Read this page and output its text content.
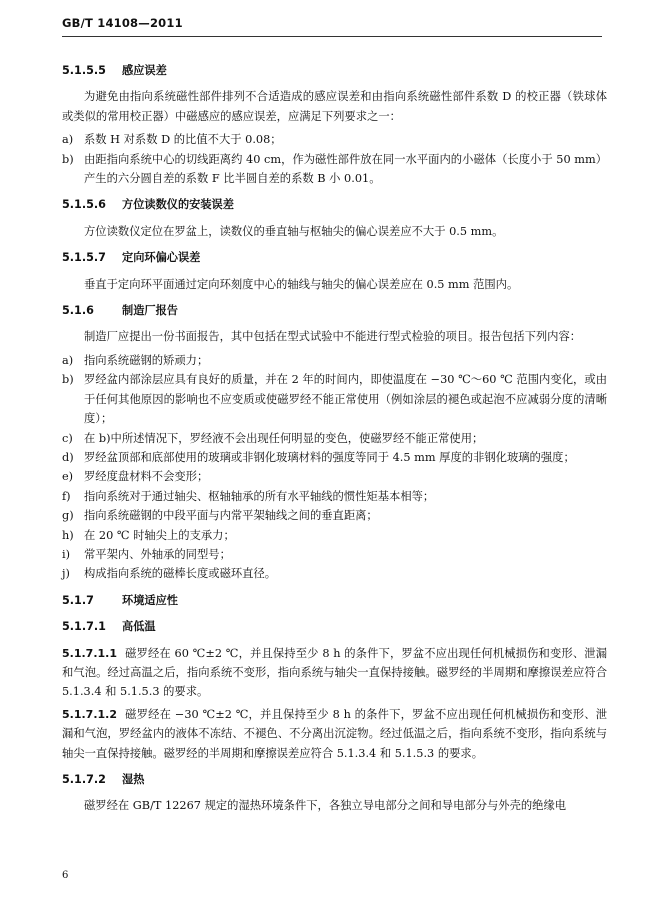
GB/T 14108—2011
5.1.5.5 感应误差

为避免由指向系统磁性部件排列不合适造成的感应误差和由指向系统磁性部件系数 D 的校正器（铁球体或类似的常用校正器）中磁感应的感应误差，应满足下列要求之一：

a) 系数 H 对系数 D 的比值不大于 0.08；
b) 由距指向系统中心的切线距离约 40 cm，作为磁性部件放在同一水平面内的小磁体（长度小于 50 mm）产生的六分圆自差的系数 F 比半圆自差的系数 B 小 0.01。
5.1.5.6 方位读数仪的安装误差

方位读数仪定位在罗盆上，读数仪的垂直轴与枢轴尖的偏心误差应不大于 0.5 mm。

5.1.5.7 定向环偏心误差

垂直于定向环平面通过定向环刻度中心的轴线与轴尖的偏心误差应在 0.5 mm 范围内。

5.1.6	制造厂报告

制造厂应提出一份书面报告，其中包括在型式试验中不能进行型式检验的项目。报告包括下列内容：

a) 指向系统磁钢的矫顽力；
b) 罗经盆内部涂层应具有良好的质量，并在 2 年的时间内，即使温度在 −30 ℃～60 ℃ 范围内变化，或由于任何其他原因的影响也不应变质或使磁罗经不能正常使用（例如涂层的褪色或起泡不应减弱分度的清晰度）；
c) 在 b)中所述情况下，罗经液不会出现任何明显的变色，使磁罗经不能正常使用；
d) 罗经盆顶部和底部使用的玻璃或非钢化玻璃材料的强度等同于 4.5 mm 厚度的非钢化玻璃的强度；
e) 罗经度盘材料不会变形；
f)	指向系统对于通过轴尖、枢轴轴承的所有水平轴线的惯性矩基本相等；
g) 指向系统磁钢的中段平面与内常平架轴线之间的垂直距离；
h) 在 20 ℃ 时轴尖上的支承力；
i)	常平架内、外轴承的同型号；
j)	构成指向系统的磁棒长度或磁环直径。
5.1.7	环境适应性
5.1.7.1 高低温
5.1.7.1.1 磁罗经在 60 ℃±2 ℃，并且保持至少 8 h 的条件下，罗盆不应出现任何机械损伤和变形、泄漏和气泡。经过高温之后，指向系统不变形，指向系统与轴尖一直保持接触。磁罗经的半周期和摩擦误差应符合 5.1.3.4 和 5.1.5.3 的要求。
5.1.7.1.2 磁罗经在 −30 ℃±2 ℃，并且保持至少 8 h 的条件下，罗盆不应出现任何机械损伤和变形、泄漏和气泡，罗经盆内的液体不冻结、不褪色、不分离出沉淀物。经过低温之后，指向系统不变形，指向系统与轴尖一直保持接触。磁罗经的半周期和摩擦误差应符合 5.1.3.4 和 5.1.5.3 的要求。
5.1.7.2 湿热

磁罗经在 GB/T 12267 规定的湿热环境条件下，各独立导电部分之间和导电部分与外壳的绝缘电

6
